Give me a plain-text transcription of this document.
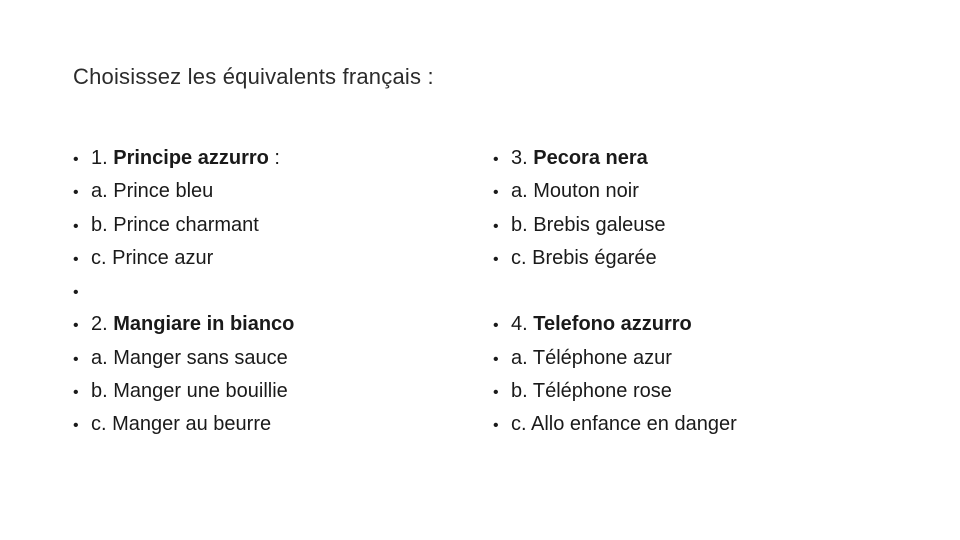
Choisissez les équivalents français :
• 1. Principe azzurro :
• a. Prince bleu
• b. Prince charmant
• c. Prince azur
•
• 2. Mangiare in bianco
• a. Manger sans sauce
• b. Manger une bouillie
• c. Manger au beurre
• 3. Pecora nera
• a. Mouton noir
• b. Brebis galeuse
• c. Brebis égarée
• 4. Telefono azzurro
• a. Téléphone azur
• b. Téléphone rose
• c. Allo enfance en danger
